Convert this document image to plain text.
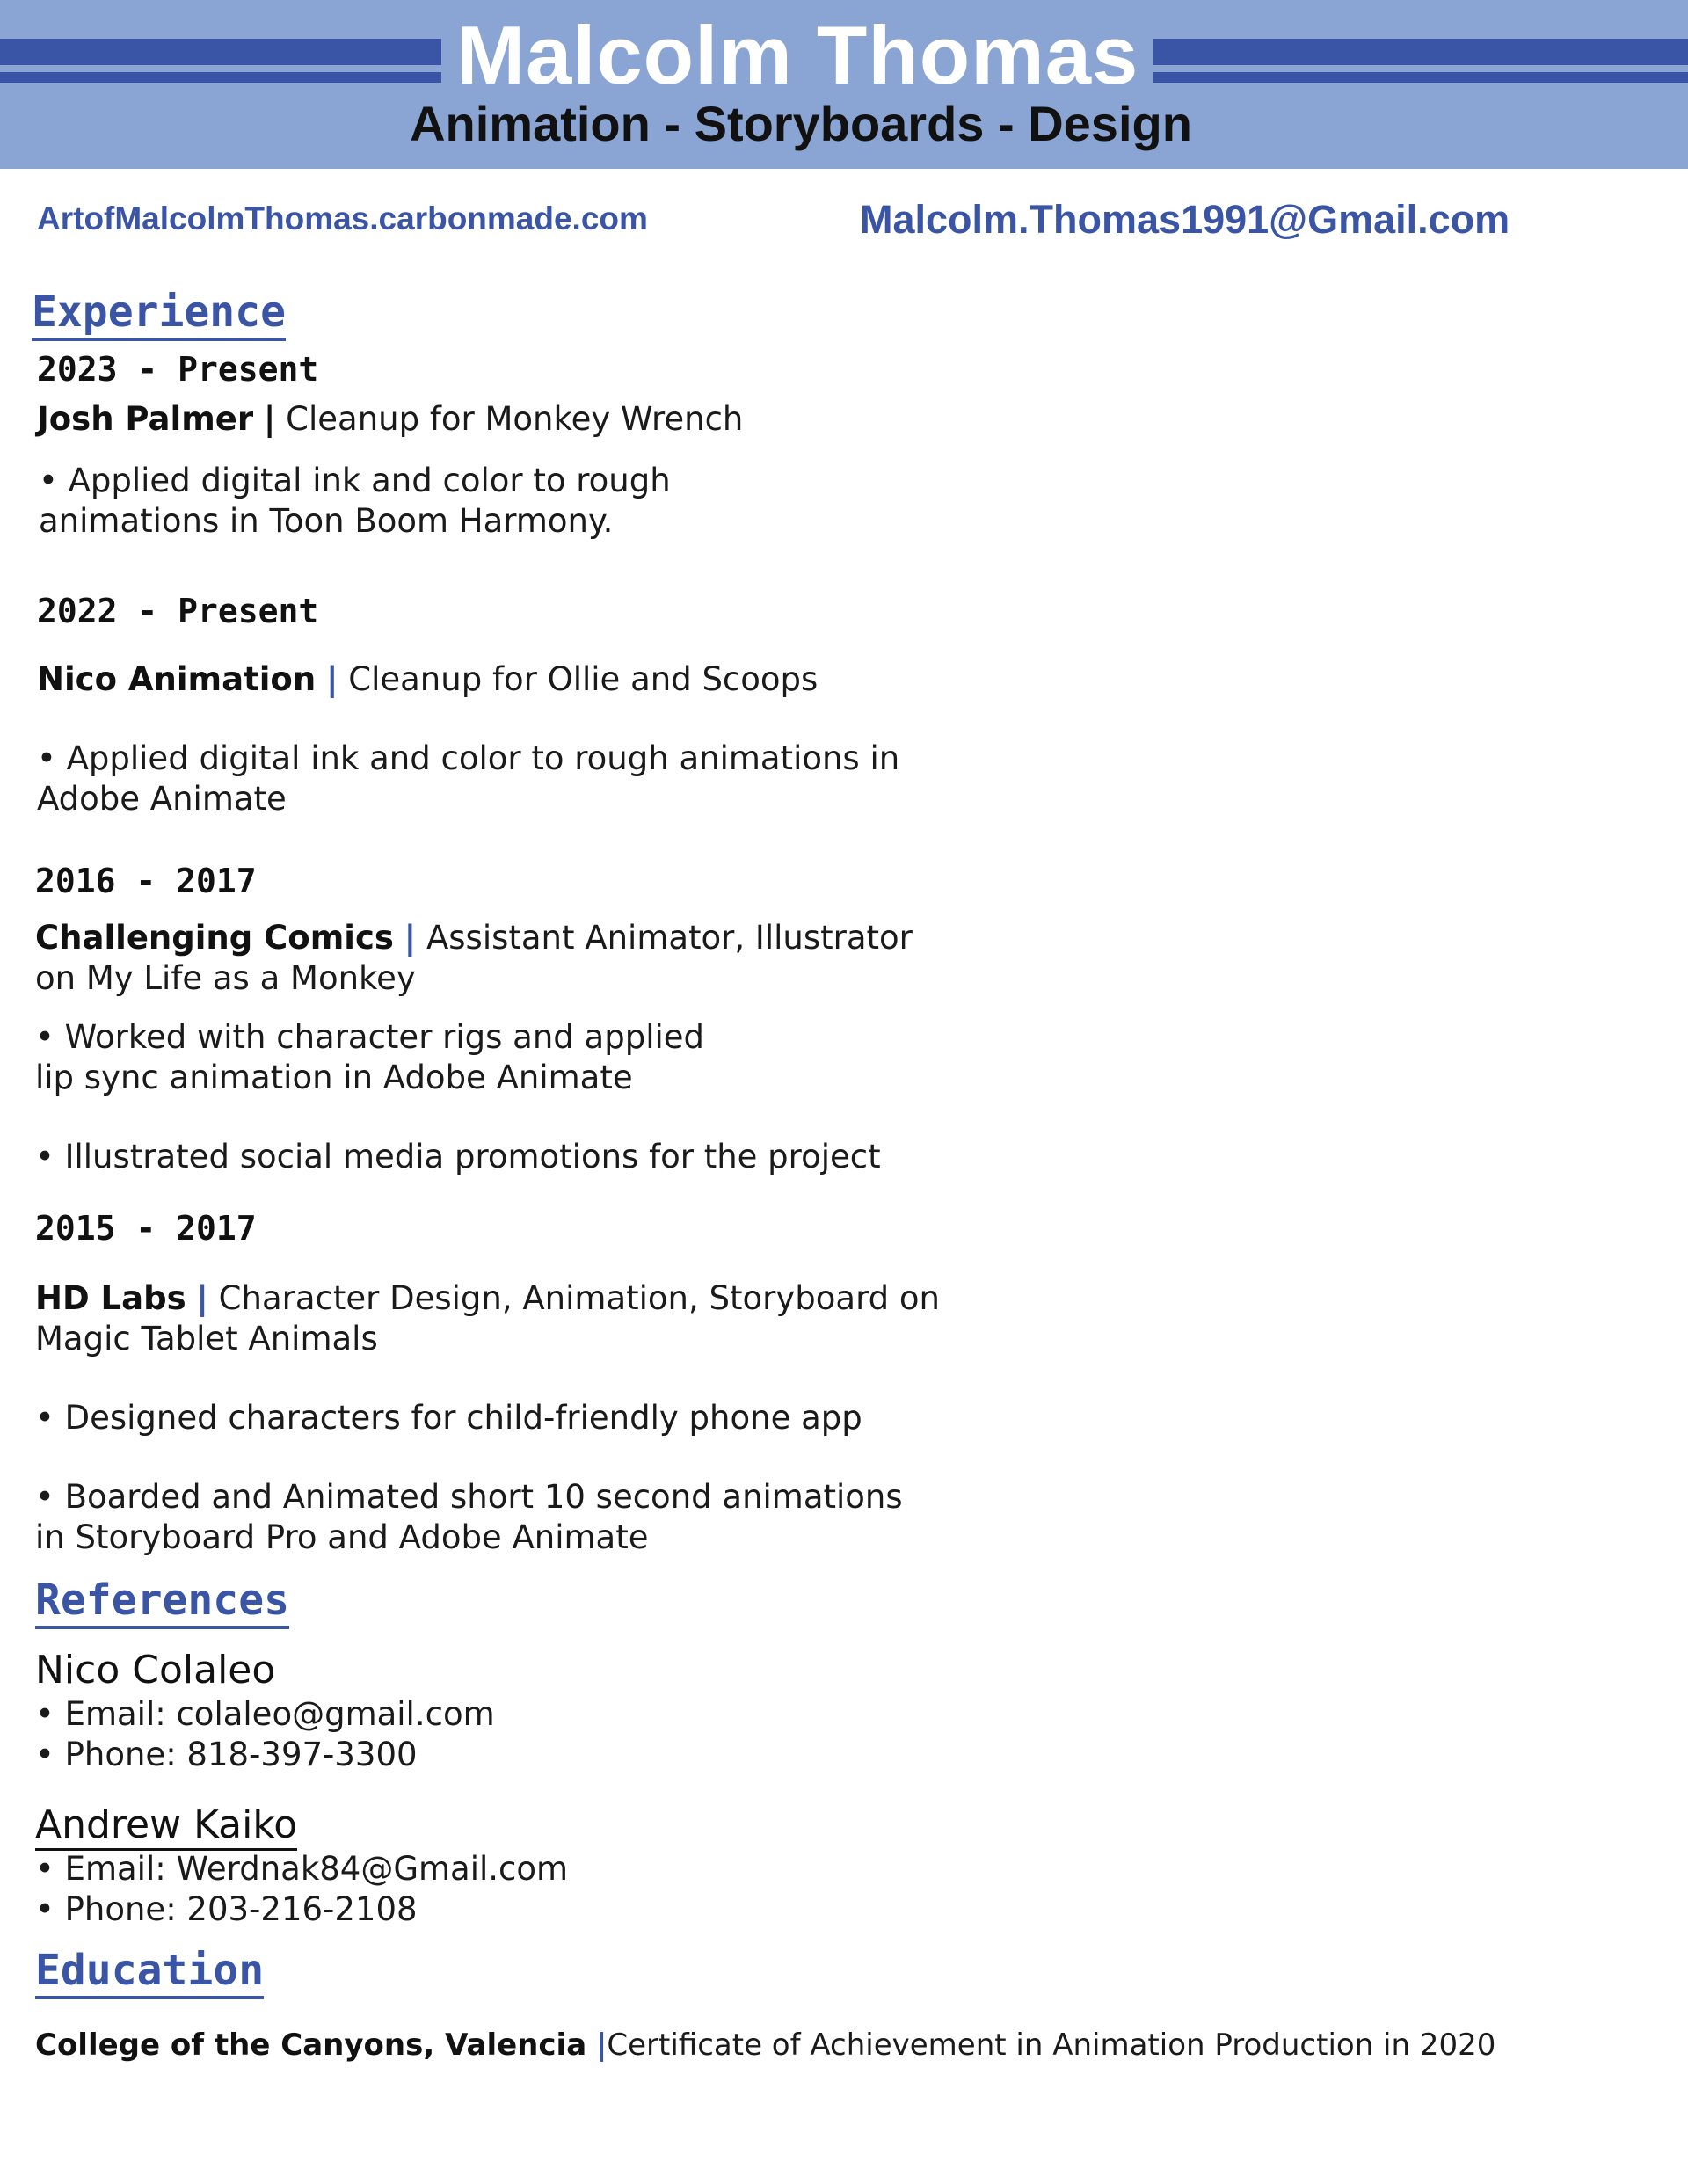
Malcolm Thomas
Animation - Storyboards - Design
ArtofMalcolmThomas.carbonmade.com	Malcolm.Thomas1991@Gmail.com
Experience
2023 - Present
Josh Palmer | Cleanup for Monkey Wrench
• Applied digital ink and color to rough
animations in Toon Boom Harmony.
2022 - Present
Nico Animation | Cleanup for Ollie and Scoops
• Applied digital ink and color to rough animations in
Adobe Animate
2016 - 2017
Challenging Comics | Assistant Animator, Illustrator
on My Life as a Monkey
• Worked with character rigs and applied
lip sync animation in Adobe Animate
• Illustrated social media promotions for the project
2015 - 2017
HD Labs | Character Design, Animation, Storyboard on
Magic Tablet Animals
• Designed characters for child-friendly phone app
• Boarded and Animated short 10 second animations
in Storyboard Pro and Adobe Animate
References
Nico Colaleo
• Email: colaleo@gmail.com
• Phone: 818-397-3300
Andrew Kaiko
• Email: Werdnak84@Gmail.com
• Phone: 203-216-2108
Education
College of the Canyons, Valencia |Certificate of Achievement in Animation Production in 2020
